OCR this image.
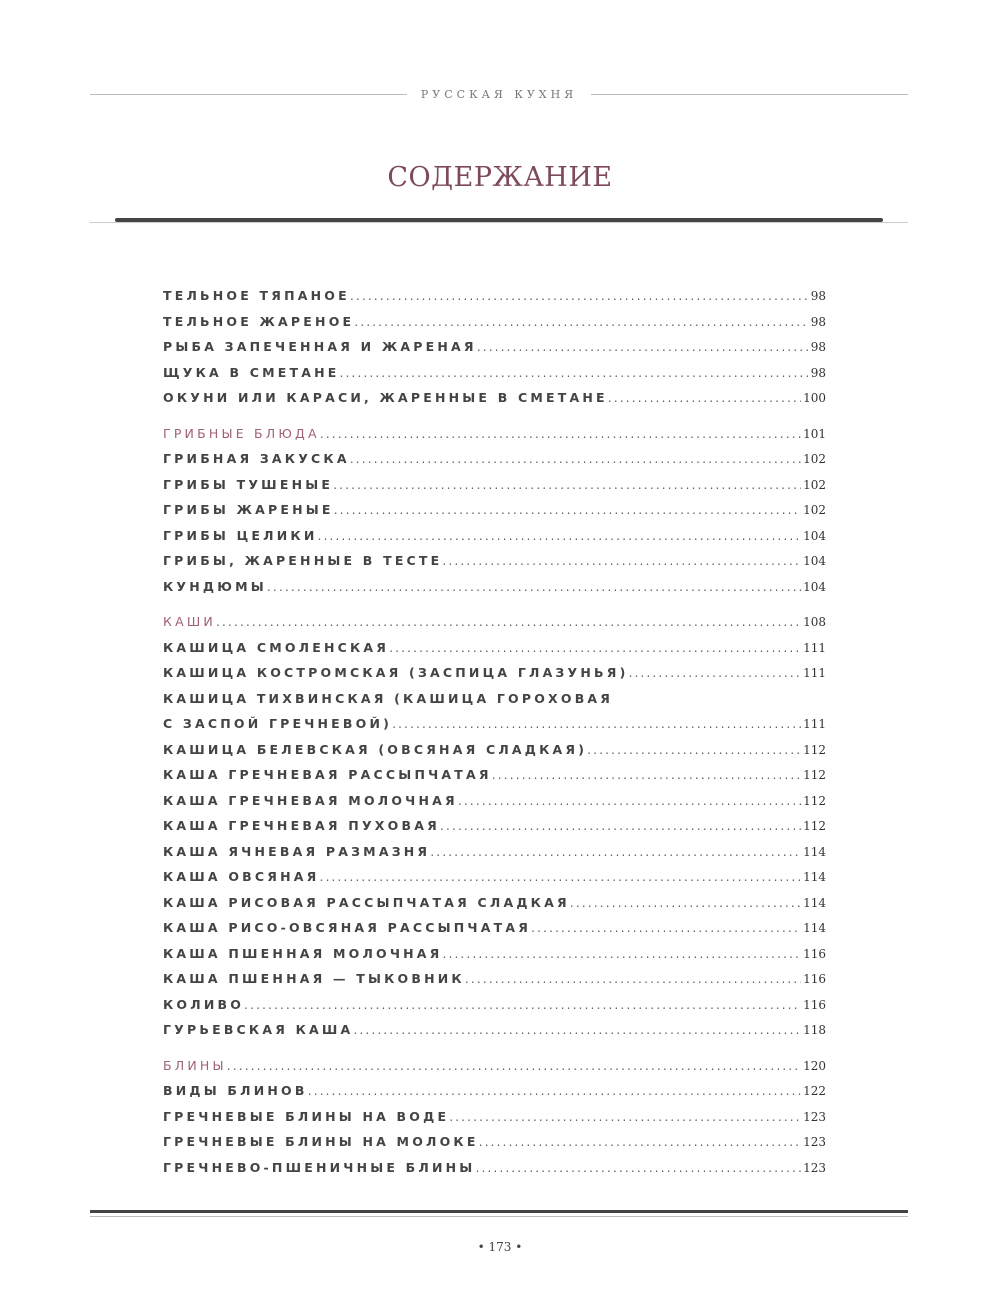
РУССКАЯ КУХНЯ
СОДЕРЖАНИЕ
ТЕЛЬНОЕ ТЯПАНОЕ .....	98
ТЕЛЬНОЕ ЖАРЕНОЕ .....	98
РЫБА ЗАПЕЧЕННАЯ И ЖАРЕНАЯ .....	98
ЩУКА В СМЕТАНЕ .....	98
ОКУНИ ИЛИ КАРАСИ, ЖАРЕННЫЕ В СМЕТАНЕ .....	100
ГРИБНЫЕ БЛЮДА .....	101
ГРИБНАЯ ЗАКУСКА .....	102
ГРИБЫ ТУШЕНЫЕ .....	102
ГРИБЫ ЖАРЕНЫЕ .....	102
ГРИБЫ ЦЕЛИКИ .....	104
ГРИБЫ, ЖАРЕННЫЕ В ТЕСТЕ .....	104
КУНДЮМЫ .....	104
КАШИ .....	108
КАШИЦА СМОЛЕНСКАЯ .....	111
КАШИЦА КОСТРОМСКАЯ (ЗАСПИЦА ГЛАЗУНЬЯ) .....	111
КАШИЦА ТИХВИНСКАЯ (КАШИЦА ГОРОХОВАЯ
С ЗАСПОЙ ГРЕЧНЕВОЙ) .....	111
КАШИЦА БЕЛЕВСКАЯ (ОВСЯНАЯ СЛАДКАЯ) .....	112
КАША ГРЕЧНЕВАЯ РАССЫПЧАТАЯ .....	112
КАША ГРЕЧНЕВАЯ МОЛОЧНАЯ .....	112
КАША ГРЕЧНЕВАЯ ПУХОВАЯ .....	112
КАША ЯЧНЕВАЯ РАЗМАЗНЯ .....	114
КАША ОВСЯНАЯ .....	114
КАША РИСОВАЯ РАССЫПЧАТАЯ СЛАДКАЯ .....	114
КАША РИСО-ОВСЯНАЯ РАССЫПЧАТАЯ .....	114
КАША ПШЕННАЯ МОЛОЧНАЯ .....	116
КАША ПШЕННАЯ — ТЫКОВНИК .....	116
КОЛИВО .....	116
ГУРЬЕВСКАЯ КАША .....	118
БЛИНЫ .....	120
ВИДЫ БЛИНОВ .....	122
ГРЕЧНЕВЫЕ БЛИНЫ НА ВОДЕ .....	123
ГРЕЧНЕВЫЕ БЛИНЫ НА МОЛОКЕ .....	123
ГРЕЧНЕВО-ПШЕНИЧНЫЕ БЛИНЫ .....	123
• 173 •
